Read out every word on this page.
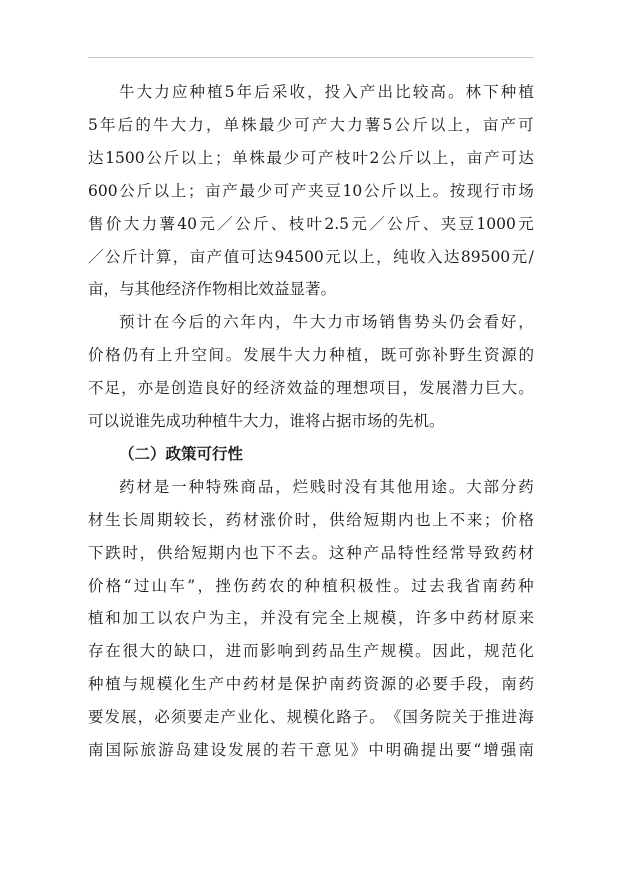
牛 大 力 应 种 植 5 年 后 采 收 ， 投 入 产 出 比 较 高 。 林 下 种 植
5 年 后 的 牛 大 力 ， 单 株 最 少 可 产 大 力 薯 5 公 斤 以 上 ， 亩 产 可
达 1500 公 斤 以 上 ； 单 株 最 少 可 产 枝 叶 2 公 斤 以 上 ， 亩 产 可 达
600 公 斤 以 上 ； 亩 产 最 少 可 产 夹 豆 10 公 斤 以 上 。 按 现 行 市 场
售 价 大 力 薯 40 元 ／ 公 斤 、 枝 叶 2.5 元 ／ 公 斤 、 夹 豆 1000 元
／ 公 斤 计 算 ， 亩 产 值 可 达 94500 元 以 上 ， 纯 收 入 达 89500 元 /
亩，与其他经济作物相比效益显著。
预 计 在 今 后 的 六 年 内 ， 牛 大 力 市 场 销 售 势 头 仍 会 看 好 ，
价 格 仍 有 上 升 空 间 。 发 展 牛 大 力 种 植 ， 既 可 弥 补 野 生 资 源 的
不 足 ， 亦 是 创 造 良 好 的 经 济 效 益 的 理 想 项 目 ， 发 展 潜 力 巨 大 。
可以说谁先成功种植牛大力，谁将占据市场的先机。
（二）政策可行性
药 材 是 一 种 特 殊 商 品 ， 烂 贱 时 没 有 其 他 用 途 。 大 部 分 药
材 生 长 周 期 较 长 ， 药 材 涨 价 时 ， 供 给 短 期 内 也 上 不 来 ； 价 格
下 跌 时 ， 供 给 短 期 内 也 下 不 去 。 这 种 产 品 特 性 经 常 导 致 药 材
价 格 “ 过 山 车 ” ， 挫 伤 药 农 的 种 植 积 极 性 。 过 去 我 省 南 药 种
植 和 加 工 以 农 户 为 主 ， 并 没 有 完 全 上 规 模 ， 许 多 中 药 材 原 来
存 在 很 大 的 缺 口 ， 进 而 影 响 到 药 品 生 产 规 模 。 因 此 ， 规 范 化
种 植 与 规 模 化 生 产 中 药 材 是 保 护 南 药 资 源 的 必 要 手 段 ， 南 药
要 发 展 ， 必 须 要 走 产 业 化 、 规 模 化 路 子 。 《 国 务 院 关 于 推 进 海
南 国 际 旅 游 岛 建 设 发 展 的 若 干 意 见 》 中 明 确 提 出 要 “ 增 强 南
